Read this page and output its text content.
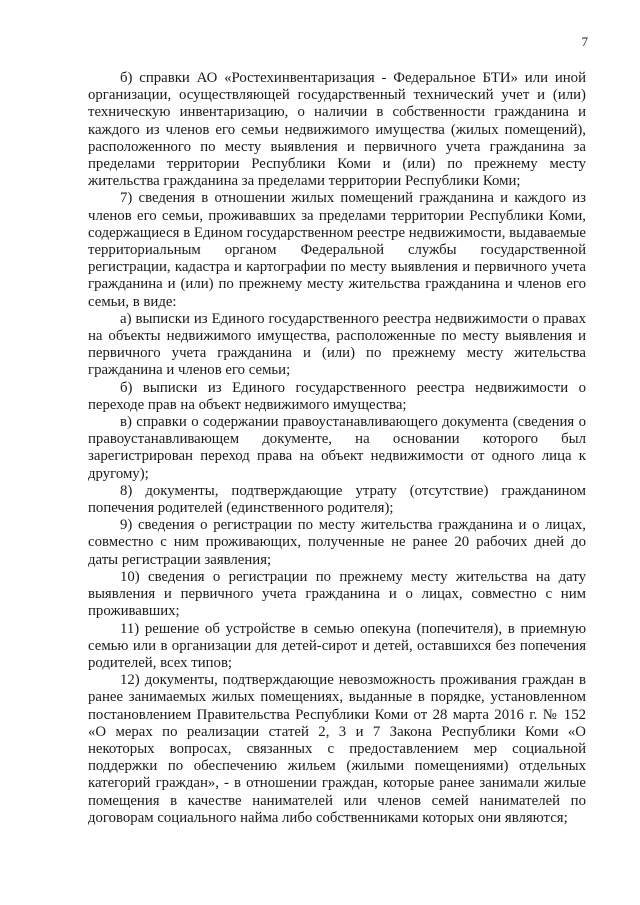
7

б) справки АО «Ростехинвентаризация - Федеральное БТИ» или иной организации, осуществляющей государственный технический учет и (или) техническую инвентаризацию, о наличии в собственности гражданина и каждого из членов его семьи недвижимого имущества (жилых помещений), расположенного по месту выявления и первичного учета гражданина за пределами территории Республики Коми и (или) по прежнему месту жительства гражданина за пределами территории Республики Коми;

7) сведения в отношении жилых помещений гражданина и каждого из членов его семьи, проживавших за пределами территории Республики Коми, содержащиеся в Едином государственном реестре недвижимости, выдаваемые территориальным органом Федеральной службы государственной регистрации, кадастра и картографии по месту выявления и первичного учета гражданина и (или) по прежнему месту жительства гражданина и членов его семьи, в виде:

а) выписки из Единого государственного реестра недвижимости о правах на объекты недвижимого имущества, расположенные по месту выявления и первичного учета гражданина и (или) по прежнему месту жительства гражданина и членов его семьи;

б) выписки из Единого государственного реестра недвижимости о переходе прав на объект недвижимого имущества;

в) справки о содержании правоустанавливающего документа (сведения о правоустанавливающем документе, на основании которого был зарегистрирован переход права на объект недвижимости от одного лица к другому);

8) документы, подтверждающие утрату (отсутствие) гражданином попечения родителей (единственного родителя);

9) сведения о регистрации по месту жительства гражданина и о лицах, совместно с ним проживающих, полученные не ранее 20 рабочих дней до даты регистрации заявления;

10) сведения о регистрации по прежнему месту жительства на дату выявления и первичного учета гражданина и о лицах, совместно с ним проживавших;

11) решение об устройстве в семью опекуна (попечителя), в приемную семью или в организации для детей-сирот и детей, оставшихся без попечения родителей, всех типов;

12) документы, подтверждающие невозможность проживания граждан в ранее занимаемых жилых помещениях, выданные в порядке, установленном постановлением Правительства Республики Коми от 28 марта 2016 г. № 152 «О мерах по реализации статей 2, 3 и 7 Закона Республики Коми «О некоторых вопросах, связанных с предоставлением мер социальной поддержки по обеспечению жильем (жилыми помещениями) отдельных категорий граждан», - в отношении граждан, которые ранее занимали жилые помещения в качестве нанимателей или членов семей нанимателей по договорам социального найма либо собственниками которых они являются;
